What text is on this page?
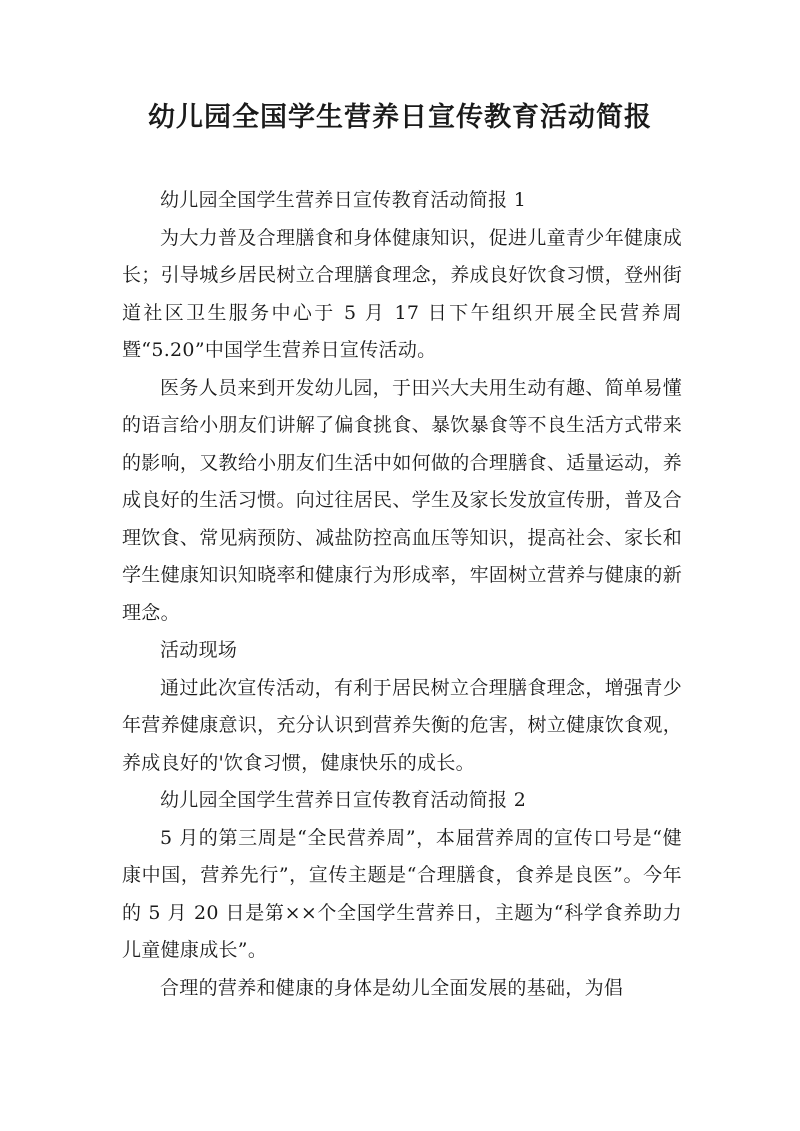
幼儿园全国学生营养日宣传教育活动简报

幼儿园全国学生营养日宣传教育活动简报 1

为大力普及合理膳食和身体健康知识，促进儿童青少年健康成长；引导城乡居民树立合理膳食理念，养成良好饮食习惯，登州街道社区卫生服务中心于 5 月 17 日下午组织开展全民营养周暨“5.20”中国学生营养日宣传活动。

医务人员来到开发幼儿园，于田兴大夫用生动有趣、简单易懂的语言给小朋友们讲解了偏食挑食、暴饮暴食等不良生活方式带来的影响，又教给小朋友们生活中如何做的合理膳食、适量运动，养成良好的生活习惯。向过往居民、学生及家长发放宣传册，普及合理饮食、常见病预防、减盐防控高血压等知识，提高社会、家长和学生健康知识知晓率和健康行为形成率，牢固树立营养与健康的新理念。

活动现场

通过此次宣传活动，有利于居民树立合理膳食理念，增强青少年营养健康意识，充分认识到营养失衡的危害，树立健康饮食观，养成良好的'饮食习惯，健康快乐的成长。

幼儿园全国学生营养日宣传教育活动简报 2

5 月的第三周是“全民营养周”，本届营养周的宣传口号是“健康中国，营养先行”，宣传主题是“合理膳食，食养是良医”。今年的 5 月 20 日是第××个全国学生营养日，主题为“科学食养助力儿童健康成长”。

合理的营养和健康的身体是幼儿全面发展的基础，为倡
